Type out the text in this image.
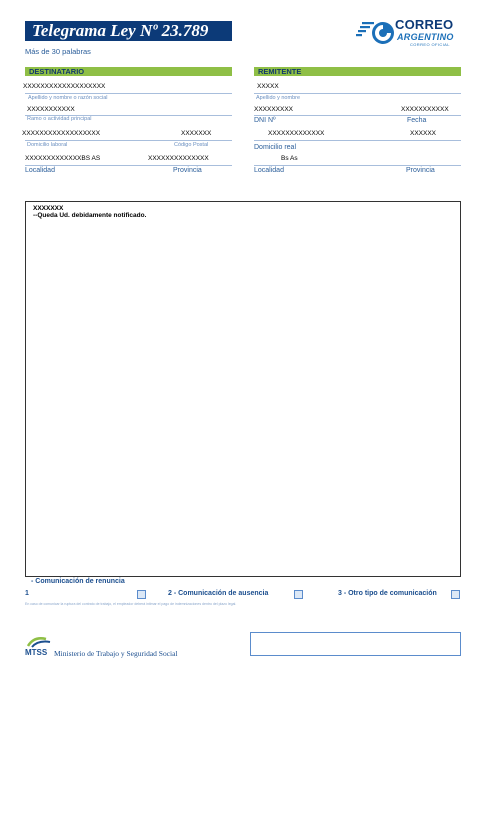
Telegrama Ley Nº 23.789
Más de 30 palabras
CORREO
ARGENTINO
CORREO OFICIAL
DESTINATARIO
XXXXXXXXXXXXXXXXXXX
Apellido y nombre o razón social
XXXXXXXXXXX
Ramo o actividad principal
XXXXXXXXXXXXXXXXXX	XXXXXXX
Domicilio laboral	Código Postal
XXXXXXXXXXXXXBS AS	XXXXXXXXXXXXXX
Localidad	Provincia
REMITENTE
XXXXX
Apellido y nombre
XXXXXXXXX	XXXXXXXXXXX
DNI Nº	Fecha
XXXXXXXXXXXXX	XXXXXX
Domicilio real
Bs As
Localidad	Provincia
XXXXXXX
--Queda Ud. debidamente notificado.
- Comunicación de renuncia
1	2 - Comunicación de ausencia	3 - Otro tipo de comunicación
En caso de comunicar la ruptura del contrato de trabajo, el empleador deberá intimar el pago de indemnizaciones dentro del plazo legal.
MTSS Ministerio de Trabajo y Seguridad Social
